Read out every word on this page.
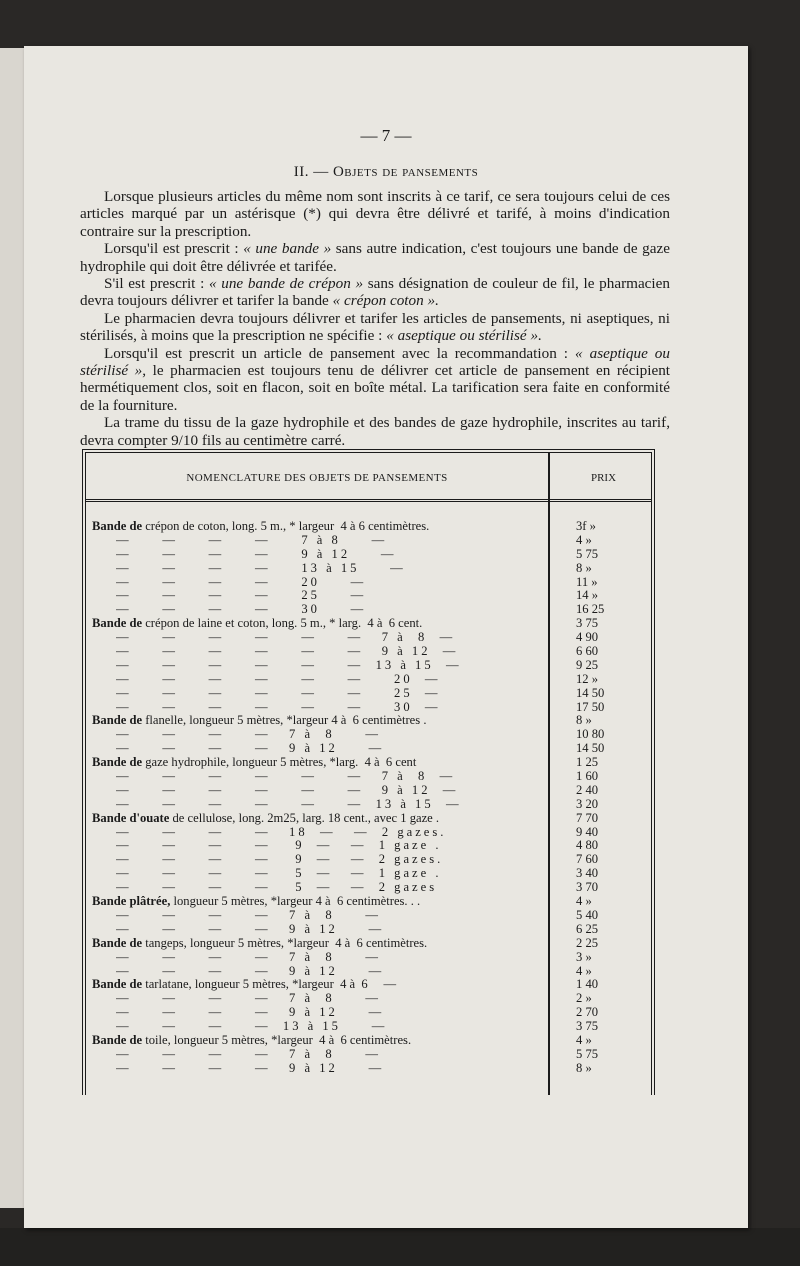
— 7 —
II. — Objets de pansements

Lorsque plusieurs articles du même nom sont inscrits à ce tarif, ce sera toujours celui de ces articles marqué par un astérisque (*) qui devra être délivré et tarifé, à moins d'indication contraire sur la prescription.

Lorsqu'il est prescrit : « une bande » sans autre indication, c'est toujours une bande de gaze hydrophile qui doit être délivrée et tarifée.

S'il est prescrit : « une bande de crépon » sans désignation de couleur de fil, le pharmacien devra toujours délivrer et tarifer la bande « crépon coton ».

Le pharmacien devra toujours délivrer et tarifer les articles de pansements, ni aseptiques, ni stérilisés, à moins que la prescription ne spécifie : « aseptique ou stérilisé ».

Lorsqu'il est prescrit un article de pansement avec la recommandation : « aseptique ou stérilisé », le pharmacien est toujours tenu de délivrer cet article de pansement en récipient hermétiquement clos, soit en flacon, soit en boîte métal. La tarification sera faite en conformité de la fourniture.

La trame du tissu de la gaze hydrophile et des bandes de gaze hydrophile, inscrites au tarif, devra compter 9/10 fils au centimètre carré.

NOMENCLATURE DES OBJETS DE PANSEMENTS	PRIX
Bande de crépon de coton, long. 5 m., * largeur  4 à 6 centimètres.	3f »
—     —     —     —     7 à 8     —	4 »
—     —     —     —     9 à 12     —	5 75
—     —     —     —     13 à 15     —	8 »
—     —     —     —     20     —	11 »
—     —     —     —     25     —	14 »
—     —     —     —     30     —	16 25
Bande de crépon de laine et coton, long. 5 m., * larg.  4 à  6 cent.	3 75
—     —     —     —     —     —   7 à  8  —	4 90
—     —     —     —     —     —   9 à 12  —	6 60
—     —     —     —     —     —  13 à 15  —	9 25
—     —     —     —     —     —     20  —	12 »
—     —     —     —     —     —     25  —	14 50
—     —     —     —     —     —     30  —	17 50
Bande de flanelle, longueur 5 mètres, *largeur 4 à  6 centimètres .	8 »
—     —     —     —   7 à  8     —	10 80
—     —     —     —   9 à 12     —	14 50
Bande de gaze hydrophile, longueur 5 mètres, *larg.  4 à  6 cent	1 25
—     —     —     —     —     —   7 à  8  —	1 60
—     —     —     —     —     —   9 à 12  —	2 40
—     —     —     —     —     —  13 à 15  —	3 20
Bande d'ouate de cellulose, long. 2m25, larg. 18 cent., avec 1 gaze .	7 70
—     —     —     —   18  —   —  2 gazes.	9 40
—     —     —     —    9  —   —  1 gaze .	4 80
—     —     —     —    9  —   —  2 gazes.	7 60
—     —     —     —    5  —   —  1 gaze .	3 40
—     —     —     —    5  —   —  2 gazes	3 70
Bande plâtrée, longueur 5 mètres, *largeur 4 à  6 centimètres. . .	4 »
—     —     —     —   7 à  8     —	5 40
—     —     —     —   9 à 12     —	6 25
Bande de tangeps, longueur 5 mètres, *largeur  4 à  6 centimètres.	2 25
—     —     —     —   7 à  8     —	3 »
—     —     —     —   9 à 12     —	4 »
Bande de tarlatane, longueur 5 mètres, *largeur  4 à  6     —	1 40
—     —     —     —   7 à  8     —	2 »
—     —     —     —   9 à 12     —	2 70
—     —     —     —  13 à 15     —	3 75
Bande de toile, longueur 5 mètres, *largeur  4 à  6 centimètres.	4 »
—     —     —     —   7 à  8     —	5 75
—     —     —     —   9 à 12     —	8 »
